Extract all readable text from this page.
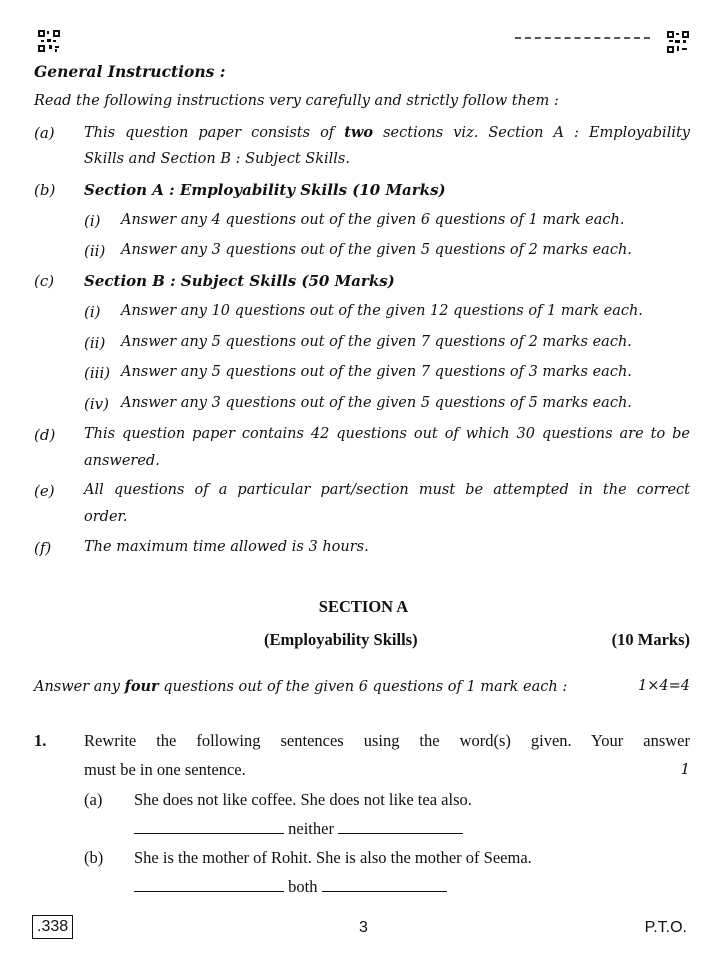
General Instructions :
Read the following instructions very carefully and strictly follow them :
(a) This question paper consists of two sections viz. Section A : Employability
Skills and Section B : Subject Skills.
(b) Section A : Employability Skills (10 Marks)
(i) Answer any 4 questions out of the given 6 questions of 1 mark each.
(ii) Answer any 3 questions out of the given 5 questions of 2 marks each.
(c) Section B : Subject Skills (50 Marks)
(i) Answer any 10 questions out of the given 12 questions of 1 mark each.
(ii) Answer any 5 questions out of the given 7 questions of 2 marks each.
(iii) Answer any 5 questions out of the given 7 questions of 3 marks each.
(iv) Answer any 3 questions out of the given 5 questions of 5 marks each.
(d) This question paper contains 42 questions out of which 30 questions are to be
answered.
(e) All questions of a particular part/section must be attempted in the correct
order.
(f) The maximum time allowed is 3 hours.
SECTION A
(Employability Skills)	(10 Marks)
Answer any four questions out of the given 6 questions of 1 mark each :	1×4=4
1. Rewrite the following sentences using the word(s) given. Your answer
must be in one sentence.	1
(a) She does not like coffee. She does not like tea also.
neither
(b) She is the mother of Rohit. She is also the mother of Seema.
both
.338	3	P.T.O.
